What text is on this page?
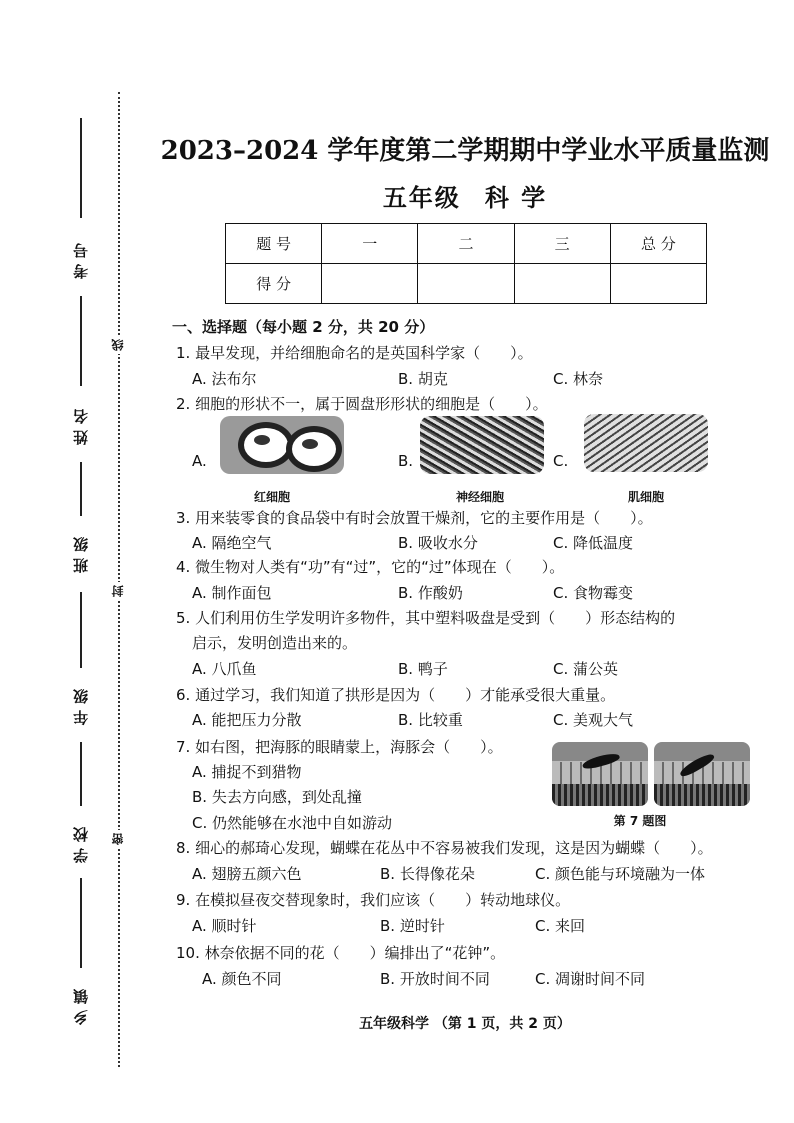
考号
姓名
班级
年级
学校
乡镇
线
封
密
2023–2024 学年度第二学期期中学业水平质量监测
五年级 科 学
题 号	一	二	三	总 分
得 分				
一、选择题（每小题 2 分，共 20 分）
1. 最早发现，并给细胞命名的是英国科学家（　　）。
A. 法布尔	B. 胡克	C. 林奈
2. 细胞的形状不一，属于圆盘形形状的细胞是（　　）。
A.
红细胞
B.
神经细胞
C.
肌细胞
3. 用来装零食的食品袋中有时会放置干燥剂，它的主要作用是（　　）。
A. 隔绝空气	B. 吸收水分	C. 降低温度
4. 微生物对人类有“功”有“过”，它的“过”体现在（　　）。
A. 制作面包	B. 作酸奶	C. 食物霉变
5. 人们利用仿生学发明许多物件，其中塑料吸盘是受到（　　）形态结构的
启示，发明创造出来的。
A. 八爪鱼	B. 鸭子	C. 蒲公英
6. 通过学习，我们知道了拱形是因为（　　）才能承受很大重量。
A. 能把压力分散	B. 比较重	C. 美观大气
7. 如右图，把海豚的眼睛蒙上，海豚会（　　）。
A. 捕捉不到猎物
B. 失去方向感，到处乱撞
C. 仍然能够在水池中自如游动	第 7 题图
8. 细心的郝琦心发现，蝴蝶在花丛中不容易被我们发现，这是因为蝴蝶（　　）。
A. 翅膀五颜六色	B. 长得像花朵	C. 颜色能与环境融为一体
9. 在模拟昼夜交替现象时，我们应该（　　）转动地球仪。
A. 顺时针	B. 逆时针	C. 来回
10. 林奈依据不同的花（　　）编排出了“花钟”。
A. 颜色不同	B. 开放时间不同	C. 凋谢时间不同
五年级科学 （第 1 页，共 2 页）
